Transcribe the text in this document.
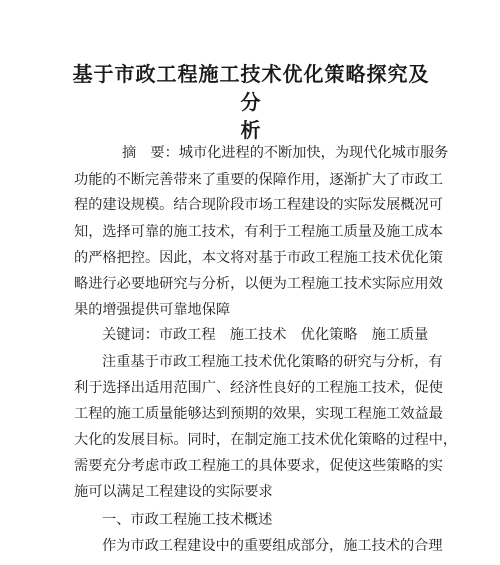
基于市政工程施工技术优化策略探究及分
析
摘　要：城市化进程的不断加快，为现代化城市服务
功能的不断完善带来了重要的保障作用，逐渐扩大了市政工
程的建设规模。结合现阶段市场工程建设的实际发展概况可
知，选择可靠的施工技术，有利于工程施工质量及施工成本
的严格把控。因此，本文将对基于市政工程施工技术优化策
略进行必要地研究与分析，以便为工程施工技术实际应用效
果的增强提供可靠地保障
关键词：市政工程　施工技术　优化策略　施工质量
注重基于市政工程施工技术优化策略的研究与分析，有
利于选择出适用范围广、经济性良好的工程施工技术，促使
工程的施工质量能够达到预期的效果，实现工程施工效益最
大化的发展目标。同时，在制定施工技术优化策略的过程中，
需要充分考虑市政工程施工的具体要求，促使这些策略的实
施可以满足工程建设的实际要求
一、市政工程施工技术概述
作为市政工程建设中的重要组成部分，施工技术的合理
